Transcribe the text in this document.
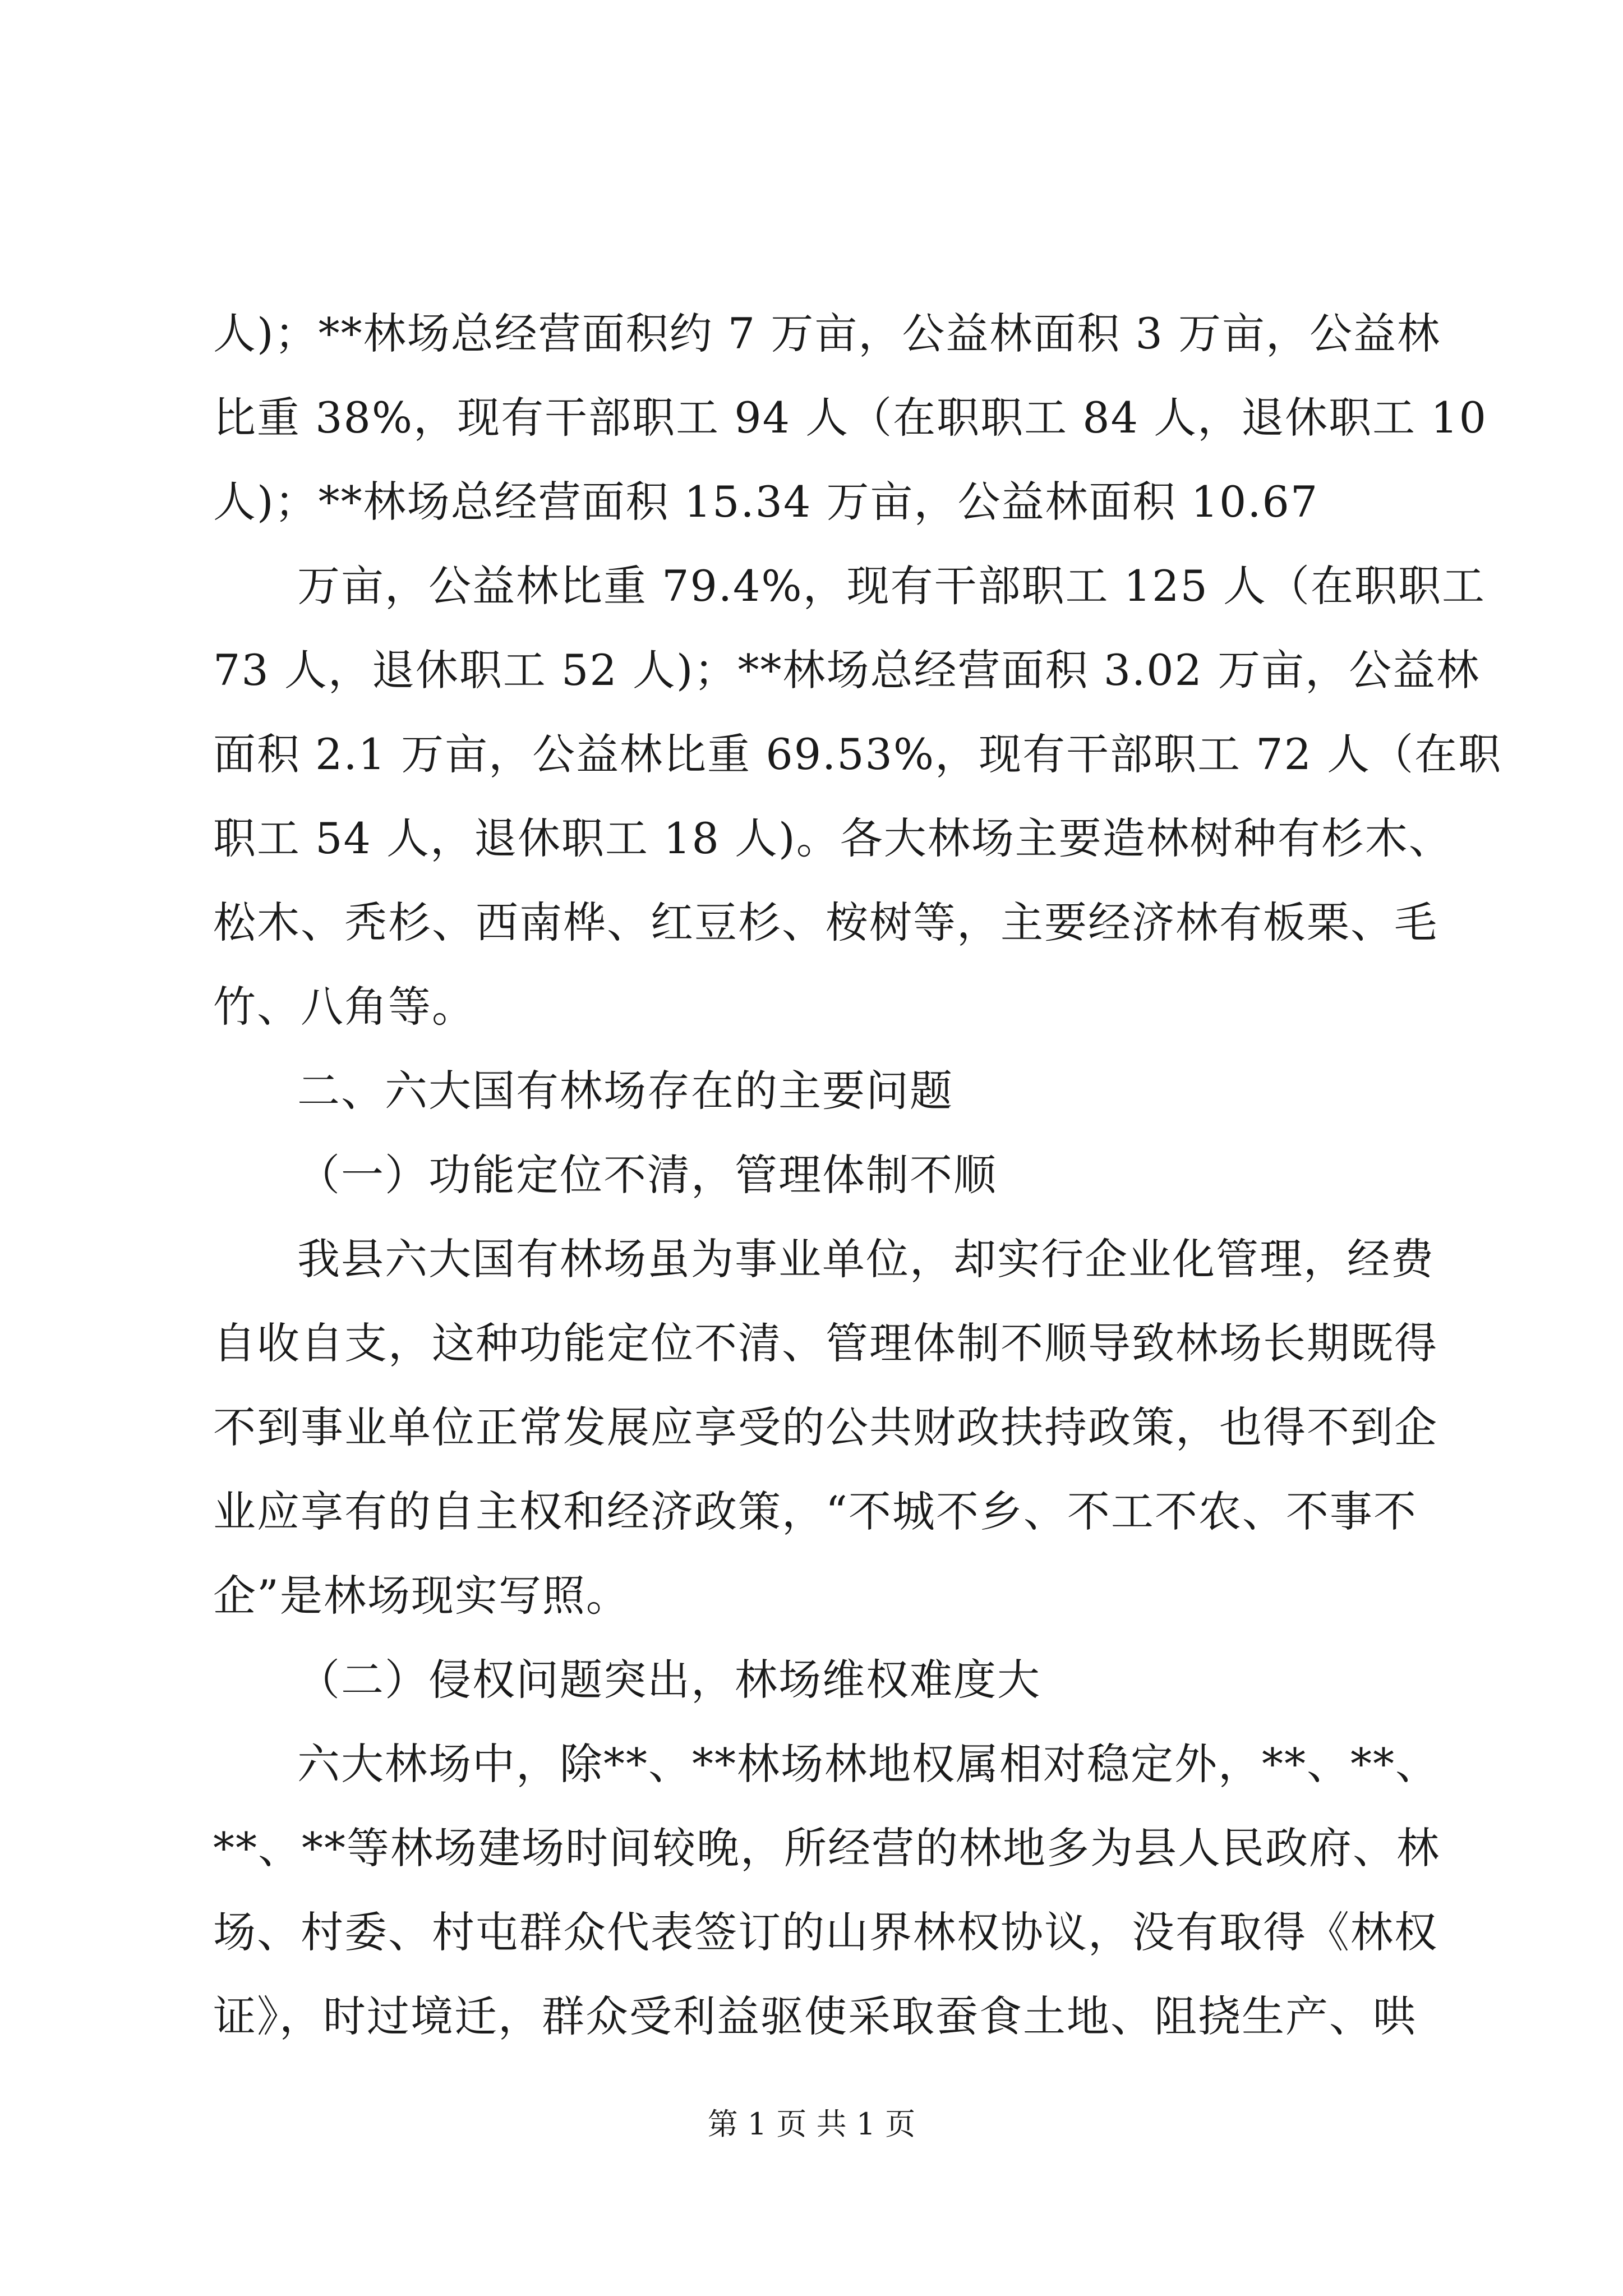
人)；**林场总经营面积约 7 万亩，公益林面积 3 万亩，公益林

比重 38%，现有干部职工 94 人（在职职工 84 人，退休职工 10

人)；**林场总经营面积 15.34 万亩，公益林面积 10.67

万亩，公益林比重 79.4%，现有干部职工 125 人（在职职工

73 人，退休职工 52 人)；**林场总经营面积 3.02 万亩，公益林

面积 2.1 万亩，公益林比重 69.53%，现有干部职工 72 人（在职

职工 54 人，退休职工 18 人)。各大林场主要造林树种有杉木、

松木、秃杉、西南桦、红豆杉、桉树等，主要经济林有板栗、毛

竹、八角等。

二、六大国有林场存在的主要问题

（一）功能定位不清，管理体制不顺

我县六大国有林场虽为事业单位，却实行企业化管理，经费

自收自支，这种功能定位不清、管理体制不顺导致林场长期既得

不到事业单位正常发展应享受的公共财政扶持政策，也得不到企

业应享有的自主权和经济政策，“不城不乡、不工不农、不事不

企”是林场现实写照。

（二）侵权问题突出，林场维权难度大

六大林场中，除**、**林场林地权属相对稳定外，**、**、

**、**等林场建场时间较晚，所经营的林地多为县人民政府、林

场、村委、村屯群众代表签订的山界林权协议，没有取得《林权

证》，时过境迁，群众受利益驱使采取蚕食土地、阻挠生产、哄

第 1 页 共 1 页
